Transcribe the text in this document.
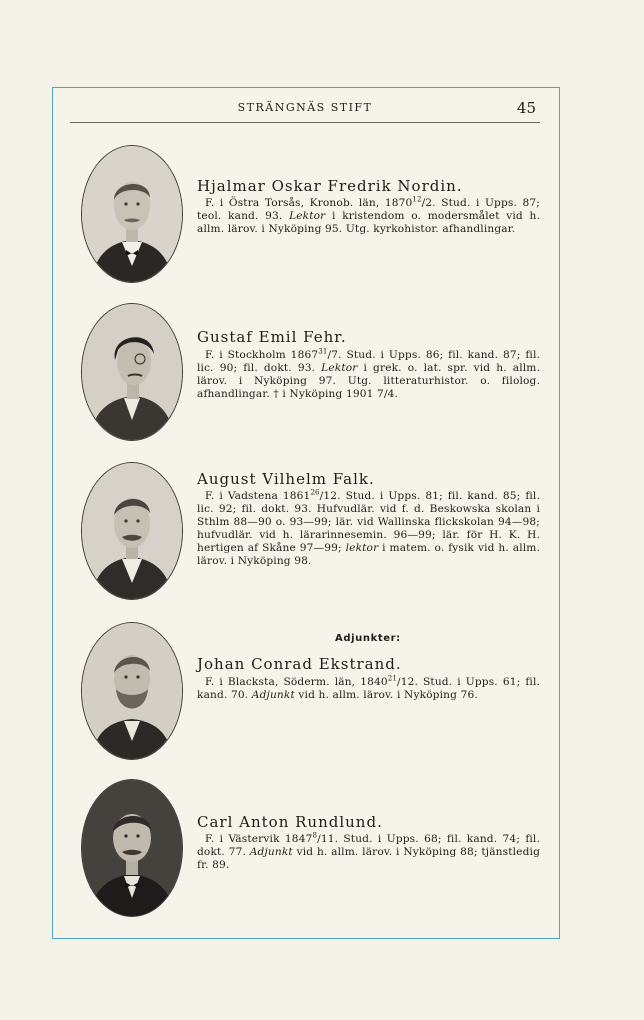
STRÄNGNÄS STIFT	45
Hjalmar Oskar Fredrik Nordin.

F. i Östra Torsås, Kronob. län, 1870$^{12}$/2. Stud. i Upps. 87; teol. kand. 93. Lektor i kristendom o. modersmålet vid h. allm. lärov. i Nyköping 95. Utg. kyrkohistor. afhandlingar.

Gustaf Emil Fehr.

F. i Stockholm 1867$^{31}$/7. Stud. i Upps. 86; fil. kand. 87; fil. lic. 90; fil. dokt. 93. Lektor i grek. o. lat. spr. vid h. allm. lärov. i Nyköping 97. Utg. litteraturhistor. o. filolog. afhandlingar. † i Nyköping 1901 7/4.

August Vilhelm Falk.

F. i Vadstena 1861$^{26}$/12. Stud. i Upps. 81; fil. kand. 85; fil. lic. 92; fil. dokt. 93. Hufvudlär. vid f. d. Beskowska skolan i Sthlm 88—90 o. 93—99; lär. vid Wallinska flickskolan 94—98; hufvudlär. vid h. lärarinnesemin. 96—99; lär. för H. K. H. hertigen af Skåne 97—99; lektor i matem. o. fysik vid h. allm. lärov. i Nyköping 98.

Adjunkter:
Johan Conrad Ekstrand.

F. i Blacksta, Söderm. län, 1840$^{21}$/12. Stud. i Upps. 61; fil. kand. 70. Adjunkt vid h. allm. lärov. i Nyköping 76.

Carl Anton Rundlund.

F. i Västervik 1847$^8$/11. Stud. i Upps. 68; fil. kand. 74; fil. dokt. 77. Adjunkt vid h. allm. lärov. i Nyköping 88; tjänstledig fr. 89.
